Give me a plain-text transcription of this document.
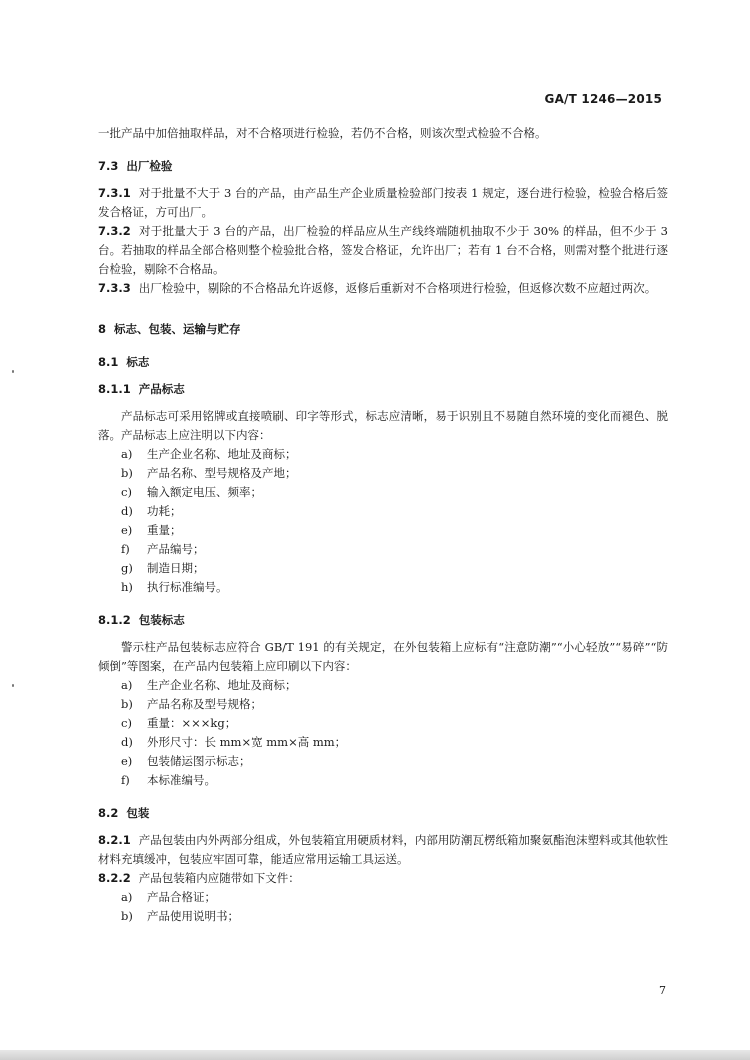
GA/T 1246—2015

一批产品中加倍抽取样品，对不合格项进行检验，若仍不合格，则该次型式检验不合格。

7.3 出厂检验

7.3.1 对于批量不大于 3 台的产品，由产品生产企业质量检验部门按表 1 规定，逐台进行检验，检验合格后签发合格证，方可出厂。

7.3.2 对于批量大于 3 台的产品，出厂检验的样品应从生产线终端随机抽取不少于 30% 的样品，但不少于 3 台。若抽取的样品全部合格则整个检验批合格，签发合格证，允许出厂；若有 1 台不合格，则需对整个批进行逐台检验，剔除不合格品。

7.3.3 出厂检验中，剔除的不合格品允许返修，返修后重新对不合格项进行检验，但返修次数不应超过两次。

8 标志、包装、运输与贮存

8.1 标志

8.1.1 产品标志

产品标志可采用铭牌或直接喷刷、印字等形式，标志应清晰，易于识别且不易随自然环境的变化而褪色、脱落。产品标志上应注明以下内容：

a)	生产企业名称、地址及商标；
b)	产品名称、型号规格及产地；
c)	输入额定电压、频率；
d)	功耗；
e)	重量；
f)	产品编号；
g)	制造日期；
h)	执行标准编号。

8.1.2 包装标志

警示柱产品包装标志应符合 GB/T 191 的有关规定，在外包装箱上应标有“注意防潮”“小心轻放”“易碎”“防倾倒”等图案，在产品内包装箱上应印刷以下内容：

a)	生产企业名称、地址及商标；
b)	产品名称及型号规格；
c)	重量：×××kg；
d)	外形尺寸：长 mm×宽 mm×高 mm；
e)	包装储运图示标志；
f)	本标准编号。

8.2 包装

8.2.1 产品包装由内外两部分组成，外包装箱宜用硬质材料，内部用防潮瓦楞纸箱加聚氨酯泡沫塑料或其他软性材料充填缓冲，包装应牢固可靠，能适应常用运输工具运送。

8.2.2 产品包装箱内应随带如下文件：

a)	产品合格证；
b)	产品使用说明书；
7
